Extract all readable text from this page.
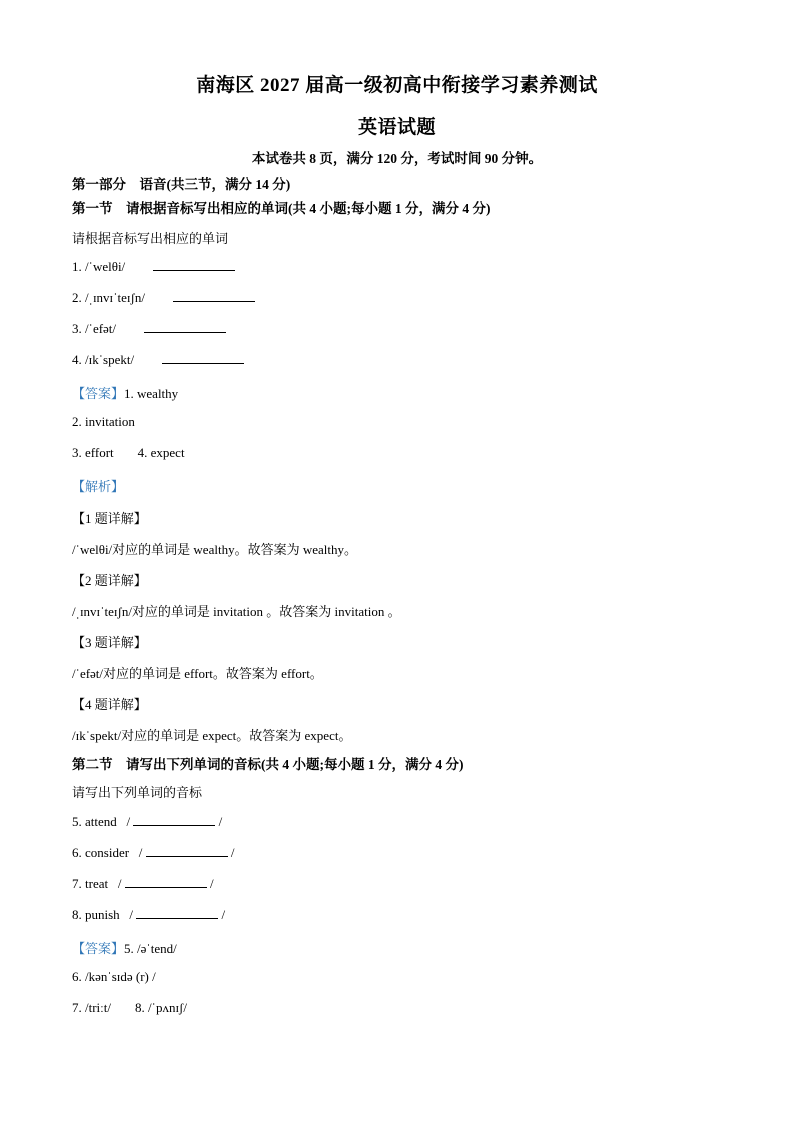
南海区 2027 届高一级初高中衔接学习素养测试
英语试题
本试卷共 8 页，满分 120 分，考试时间 90 分钟。
第一部分　语音(共三节，满分 14 分)
第一节　请根据音标写出相应的单词(共 4 小题;每小题 1 分，满分 4 分)
请根据音标写出相应的单词
1. /ˈwelθi/
2. /ˌɪnvɪˈteɪʃn/
3. /ˈefət/
4. /ɪkˈspekt/
【答案】1. wealthy
2. invitation
3. effort 4. expect
【解析】
【1 题详解】
/ˈwelθi/对应的单词是 wealthy。故答案为 wealthy。
【2 题详解】
/ˌɪnvɪˈteɪʃn/对应的单词是 invitation 。故答案为 invitation 。
【3 题详解】
/ˈefət/对应的单词是 effort。故答案为 effort。
【4 题详解】
/ɪkˈspekt/对应的单词是 expect。故答案为 expect。
第二节　请写出下列单词的音标(共 4 小题;每小题 1 分，满分 4 分)
请写出下列单词的音标
5. attend   /	/
6. consider   /	/
7. treat   /	/
8. punish   /	/
【答案】5. /əˈtend/
6. /kənˈsɪdə (r) /
7. /triːt/ 8. /ˈpʌnɪʃ/
